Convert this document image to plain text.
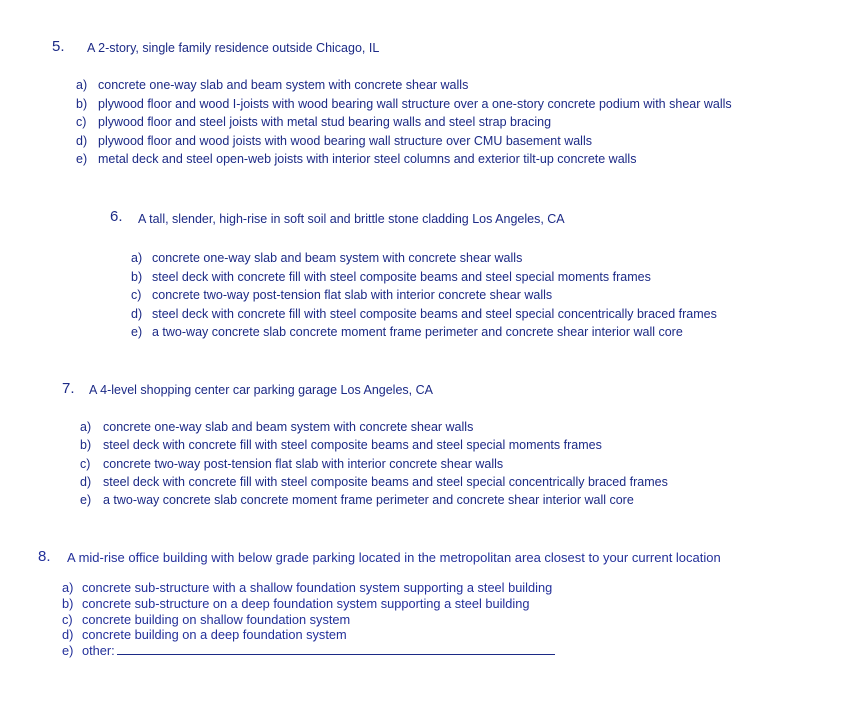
5. A 2-story, single family residence outside Chicago, IL
a) concrete one-way slab and beam system with concrete shear walls
b) plywood floor and wood I-joists with wood bearing wall structure over a one-story concrete podium with shear walls
c) plywood floor and steel joists with metal stud bearing walls and steel strap bracing
d) plywood floor and wood joists with wood bearing wall structure over CMU basement walls
e) metal deck and steel open-web joists with interior steel columns and exterior tilt-up concrete walls
6. A tall, slender, high-rise in soft soil and brittle stone cladding Los Angeles, CA
a) concrete one-way slab and beam system with concrete shear walls
b) steel deck with concrete fill with steel composite beams and steel special moments frames
c) concrete two-way post-tension flat slab with interior concrete shear walls
d) steel deck with concrete fill with steel composite beams and steel special concentrically braced frames
e) a two-way concrete slab concrete moment frame perimeter and concrete shear interior wall core
7. A 4-level shopping center car parking garage Los Angeles, CA
a) concrete one-way slab and beam system with concrete shear walls
b) steel deck with concrete fill with steel composite beams and steel special moments frames
c) concrete two-way post-tension flat slab with interior concrete shear walls
d) steel deck with concrete fill with steel composite beams and steel special concentrically braced frames
e) a two-way concrete slab concrete moment frame perimeter and concrete shear interior wall core
8. A mid-rise office building with below grade parking located in the metropolitan area closest to your current location
a) concrete sub-structure with a shallow foundation system supporting a steel building
b) concrete sub-structure on a deep foundation system supporting a steel building
c) concrete building on shallow foundation system
d) concrete building on a deep foundation system
e) other:
